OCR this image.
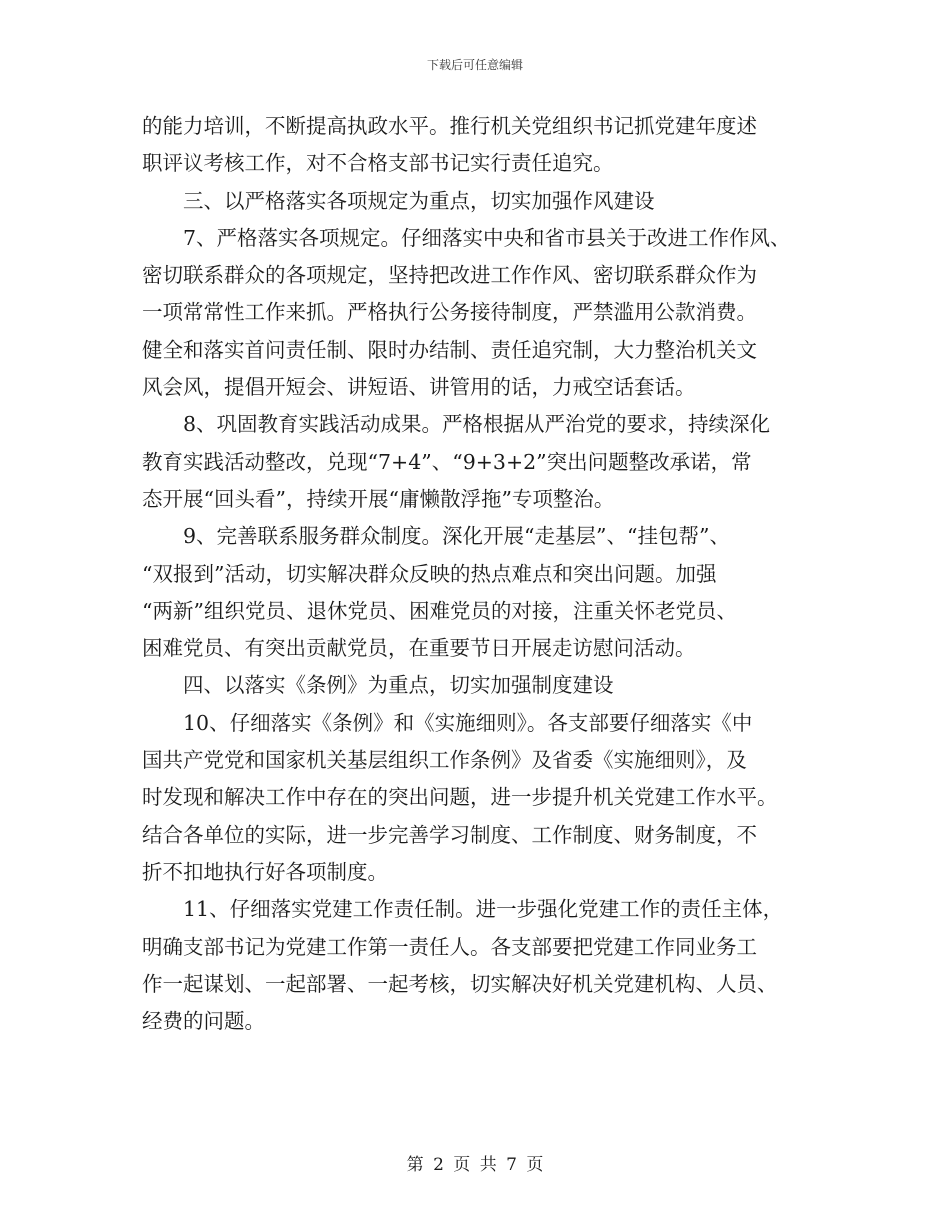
下载后可任意编辑
的能力培训，不断提高执政水平。推行机关党组织书记抓党建年度述
职评议考核工作，对不合格支部书记实行责任追究。
三、以严格落实各项规定为重点，切实加强作风建设
7、严格落实各项规定。仔细落实中央和省市县关于改进工作作风、
密切联系群众的各项规定，坚持把改进工作作风、密切联系群众作为
一项常常性工作来抓。严格执行公务接待制度，严禁滥用公款消费。
健全和落实首问责任制、限时办结制、责任追究制，大力整治机关文
风会风，提倡开短会、讲短语、讲管用的话，力戒空话套话。
8、巩固教育实践活动成果。严格根据从严治党的要求，持续深化
教育实践活动整改，兑现“7+4”、“9+3+2”突出问题整改承诺，常
态开展“回头看”，持续开展“庸懒散浮拖”专项整治。
9、完善联系服务群众制度。深化开展“走基层”、“挂包帮”、
“双报到”活动，切实解决群众反映的热点难点和突出问题。加强
“两新”组织党员、退休党员、困难党员的对接，注重关怀老党员、
困难党员、有突出贡献党员，在重要节日开展走访慰问活动。
四、以落实《条例》为重点，切实加强制度建设
10、仔细落实《条例》和《实施细则》。各支部要仔细落实《中
国共产党党和国家机关基层组织工作条例》及省委《实施细则》，及
时发现和解决工作中存在的突出问题，进一步提升机关党建工作水平。
结合各单位的实际，进一步完善学习制度、工作制度、财务制度，不
折不扣地执行好各项制度。
11、仔细落实党建工作责任制。进一步强化党建工作的责任主体，
明确支部书记为党建工作第一责任人。各支部要把党建工作同业务工
作一起谋划、一起部署、一起考核，切实解决好机关党建机构、人员、
经费的问题。
第 2 页 共 7 页
